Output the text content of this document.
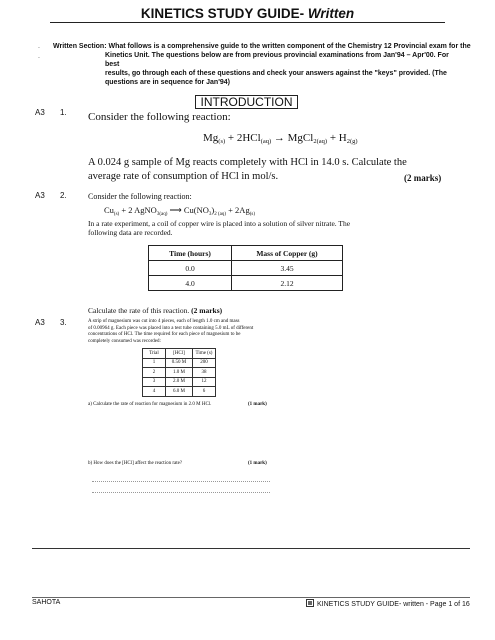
KINETICS STUDY GUIDE- Written
.
.
Written Section: What follows is a comprehensive guide to the written component of the Chemistry 12 Provincial exam for the
Kinetics Unit. The questions below are from previous provincial examinations from Jan'94 – Apr'00. For best
results, go through each of these questions and check your answers against the "keys" provided. (The
questions are in sequence for Jan'94)
INTRODUCTION
A3 1. Consider the following reaction:
$Mg_{(s)} + 2HCl_{(aq)}$ → MgCl$_{2(aq)}$ + $H_{2(g)}$
A 0.024 g sample of Mg reacts completely with HCl in 14.0 s. Calculate the
average rate of consumption of HCl in mol/s.	(2 marks)
A3 2.	Consider the following reaction:
$Cu_{(s)} + 2$ AgNO$_{3(aq)}$ ⟶ $Cu(NO_3)_{2 (aq)} + 2Ag_{(s)}$
In a rate experiment, a coil of copper wire is placed into a solution of silver nitrate. The
following data are recorded.
Time (hours)	Mass of Copper (g)
0.0	3.45
4.0	2.12
Calculate the rate of this reaction. (2 marks)
A3 3.	A strip of magnesium was cut into 4 pieces, each of length 1.0 cm and mass
of 0.00964 g. Each piece was placed into a test tube containing 5.0 mL of different
concentrations of HCl. The time required for each piece of magnesium to be
completely consumed was recorded:
Trial	[HCl]	Time (s)
1	0.50 M	200
2	1.0 M	38
3	2.0 M	12
4	6.0 M	6
a) Calculate the rate of reaction for magnesium in 2.0 M HCl.	(1 mark)
b) How does the [HCl] affect the reaction rate?	(1 mark)
SAHOTA	KINETICS STUDY GUIDE- written - Page 1 of 16
